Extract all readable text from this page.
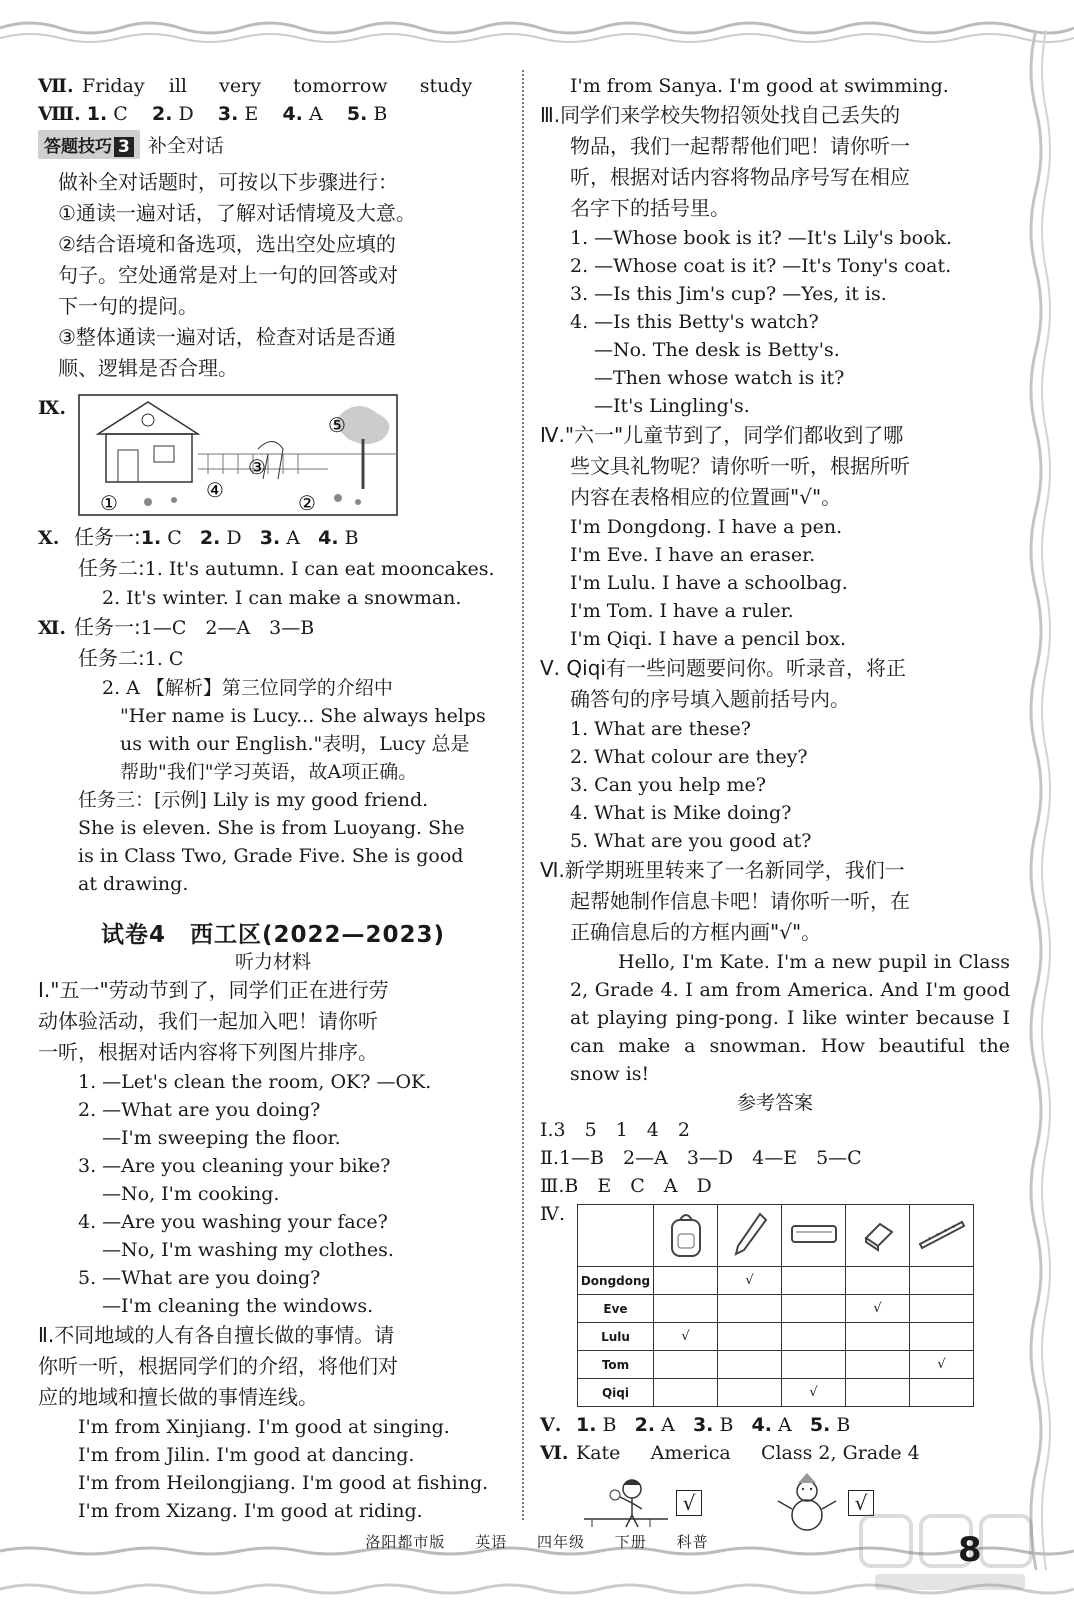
Ⅶ. Friday ill very tomorrow study
Ⅷ. 1. C 2. D 3. E 4. A 5. B
答题技巧 3 补全对话
做补全对话题时，可按以下步骤进行：
①通读一遍对话，了解对话情境及大意。
②结合语境和备选项，选出空处应填的
句子。空处通常是对上一句的回答或对
下一句的提问。
③整体通读一遍对话，检查对话是否通
顺、逻辑是否合理。
Ⅸ.
⑤
③
④
①	②
Ⅹ. 任务一:1. C 2. D 3. A 4. B
任务二:1. It's autumn. I can eat mooncakes.
2. It's winter. I can make a snowman.
Ⅺ. 任务一:1—C　2—A　3—B
任务二:1. C
2. A 【解析】第三位同学的介绍中
"Her name is Lucy... She always helps
us with our English."表明，Lucy 总是
帮助"我们"学习英语，故A项正确。
任务三：[示例] Lily is my good friend.
She is eleven. She is from Luoyang. She
is in Class Two, Grade Five. She is good
at drawing.
试卷4　西工区(2022—2023)
听力材料
Ⅰ."五一"劳动节到了，同学们正在进行劳
动体验活动，我们一起加入吧！请你听
一听，根据对话内容将下列图片排序。
1. —Let's clean the room, OK? —OK.
2. —What are you doing?
—I'm sweeping the floor.
3. —Are you cleaning your bike?
—No, I'm cooking.
4. —Are you washing your face?
—No, I'm washing my clothes.
5. —What are you doing?
—I'm cleaning the windows.
Ⅱ.不同地域的人有各自擅长做的事情。请
你听一听，根据同学们的介绍，将他们对
应的地域和擅长做的事情连线。
I'm from Xinjiang. I'm good at singing.
I'm from Jilin. I'm good at dancing.
I'm from Heilongjiang. I'm good at fishing.
I'm from Xizang. I'm good at riding.
I'm from Sanya. I'm good at swimming.
Ⅲ.同学们来学校失物招领处找自己丢失的
物品，我们一起帮帮他们吧！请你听一
听，根据对话内容将物品序号写在相应
名字下的括号里。
1. —Whose book is it? —It's Lily's book.
2. —Whose coat is it? —It's Tony's coat.
3. —Is this Jim's cup? —Yes, it is.
4. —Is this Betty's watch?
—No. The desk is Betty's.
—Then whose watch is it?
—It's Lingling's.
Ⅳ."六一"儿童节到了，同学们都收到了哪
些文具礼物呢？请你听一听，根据所听
内容在表格相应的位置画"√"。
I'm Dongdong. I have a pen.
I'm Eve. I have an eraser.
I'm Lulu. I have a schoolbag.
I'm Tom. I have a ruler.
I'm Qiqi. I have a pencil box.
Ⅴ. Qiqi有一些问题要问你。听录音，将正
确答句的序号填入题前括号内。
1. What are these?
2. What colour are they?
3. Can you help me?
4. What is Mike doing?
5. What are you good at?
Ⅵ.新学期班里转来了一名新同学，我们一
起帮她制作信息卡吧！请你听一听，在
正确信息后的方框内画"√"。
Hello, I'm Kate. I'm a new pupil in Class 2, Grade 4. I am from America. And I'm good at playing ping-pong. I like winter because I can make a snowman. How beautiful the snow is!
参考答案
Ⅰ.3　5　1　4　2
Ⅱ.1—B　2—A　3—D　4—E　5—C
Ⅲ.B　E　C　A　D
Ⅳ.

Dongdong		√			
Eve				√	
Lulu	√				
Tom					√
Qiqi			√		
Ⅴ. 1. B 2. A 3. B 4. A 5. B
Ⅵ. Kate America Class 2, Grade 4
√	√
洛阳都市版 英语 四年级 下册 科普	8
